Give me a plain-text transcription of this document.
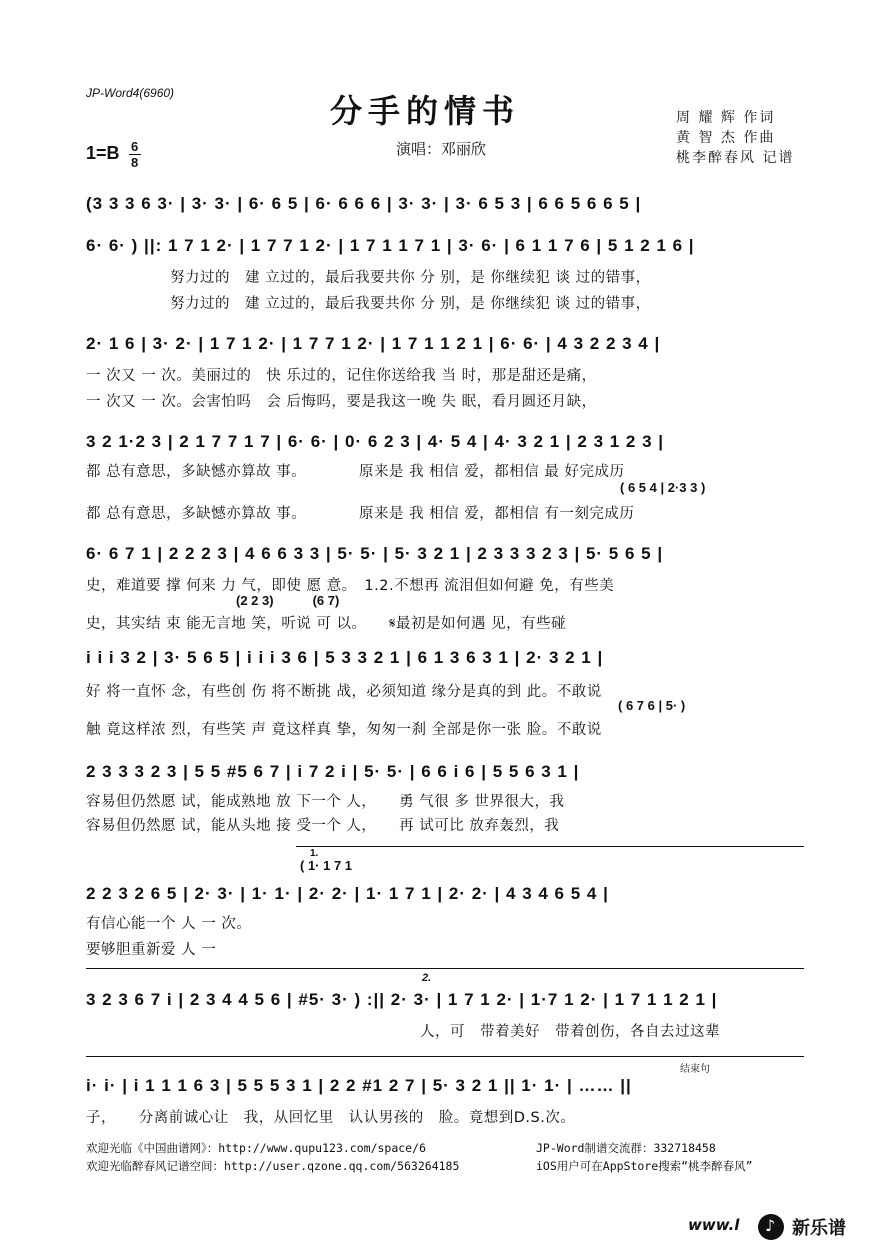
JP-Word4(6960)	分手的情书
演唱：邓丽欣
$1=B \frac{6}{8}$
周 耀 辉 作词
黄 智 杰 作曲
桃李醉春风 记谱
(3 3 3 6 3· | 3· 3· | 6· 6 5 | 6· 6 6 6 | 3· 3· | 3· 6 5 3 | 6 6 5 6 6 5 |
6· 6· ) ||: 1 7 1 2· | 1 7 7 1 2· | 1 7 1 1 7 1 | 3· 6· | 6 1 1 7 6 | 5 1 2 1 6 |
努力过的　建 立过的，最后我要共你 分 别，是 你继续犯 谈 过的错事，
努力过的　建 立过的，最后我要共你 分 别，是 你继续犯 谈 过的错事，
2· 1 6 | 3· 2· | 1 7 1 2· | 1 7 7 1 2· | 1 7 1 1 2 1 | 6· 6· | 4 3 2 2 3 4 |
一 次又 一 次。美丽过的　快 乐过的，记住你送给我 当 时，那是甜还是痛，
一 次又 一 次。会害怕吗　会 后悔吗，要是我这一晚 失 眠，看月圆还月缺，
3 2 1·2 3 | 2 1 7 7 1 7 | 6· 6· | 0· 6 2 3 | 4· 5 4 | 4· 3 2 1 | 2 3 1 2 3 |
都 总有意思，多缺憾亦算故 事。　　　　原来是 我 相信 爱，都相信 最 好完成历
( 6 5 4 | 2·3 3 )
都 总有意思，多缺憾亦算故 事。　　　　原来是 我 相信 爱，都相信 有一刻完成历
6· 6 7 1 | 2 2 2 3 | 4 6 6 3 3 | 5· 5· | 5· 3 2 1 | 2 3 3 3 2 3 | 5· 5 6 5 |
史，难道要 撑 何来 力 气，即使 愿 意。　1.2.不想再 流泪但如何避 免，有些美
(2 2 3)　　　(6 7)
史，其实结 束 能无言地 笑，听说 可 以。　　𝄋最初是如何遇 见，有些碰
i i i 3 2 | 3· 5 6 5 | i i i 3 6 | 5 3 3 2 1 | 6 1 3 6 3 1 | 2· 3 2 1 |
好 将一直怀 念，有些创 伤 将不断挑 战，必须知道 缘分是真的到 此。不敢说
( 6 7 6 | 5· )
触 竟这样浓 烈，有些笑 声 竟这样真 挚，匆匆一刹 全部是你一张 脸。不敢说
2 3 3 3 2 3 | 5 5 #5 6 7 | i 7 2 i | 5· 5· | 6 6 i 6 | 5 5 6 3 1 |
容易但仍然愿 试，能成熟地 放 下一个 人，　　勇 气很 多 世界很大，我
容易但仍然愿 试，能从头地 接 受一个 人，　　再 试可比 放弃轰烈，我
1.
( 1· 1 7 1
2 2 3 2 6 5 | 2· 3· | 1· 1· | 2· 2· | 1· 1 7 1 | 2· 2· | 4 3 4 6 5 4 |
有信心能一个 人 一 次。
要够胆重新爱 人 一
2.
3 2 3 6 7 i | 2 3 4 4 5 6 | #5· 3· ) :|| 2· 3· | 1 7 1 2· | 1·7 1 2· | 1 7 1 1 2 1 |
人，可　带着美好　带着创伤，各自去过这辈
结束句
i· i· | i 1 1 1 6 3 | 5 5 5 3 1 | 2 2 #1 2 7 | 5· 3 2 1 || 1· 1· | …… ||
子，　　分离前诚心让　我，从回忆里　认认男孩的　脸。竟想到D.S.次。
欢迎光临《中国曲谱网》：http://www.qupu123.com/space/6
欢迎光临醉春风记谱空间：http://user.qzone.qq.com/563264185
JP-Word制谱交流群：332718458
iOS用户可在AppStore搜索“桃李醉春风”
www.l ♪ 新乐谱
